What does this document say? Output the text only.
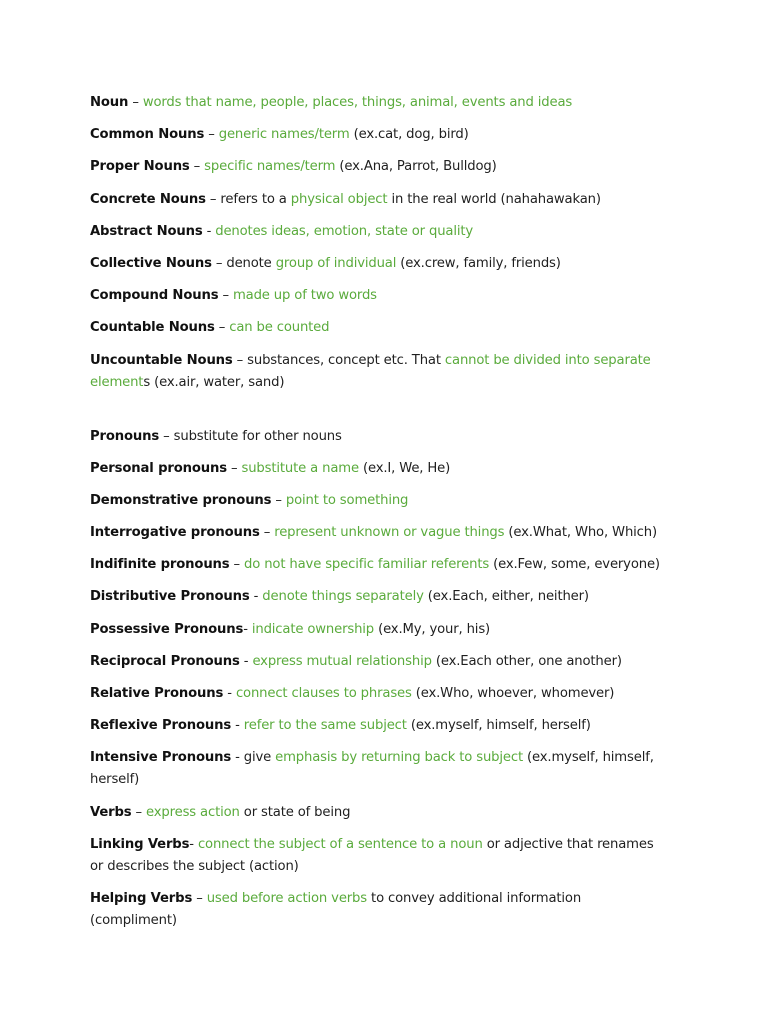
Noun – words that name, people, places, things, animal, events and ideas

Common Nouns – generic names/term (ex.cat, dog, bird)

Proper Nouns – specific names/term (ex.Ana, Parrot, Bulldog)

Concrete Nouns – refers to a physical object in the real world (nahahawakan)

Abstract Nouns - denotes ideas, emotion, state or quality

Collective Nouns – denote group of individual (ex.crew, family, friends)

Compound Nouns – made up of two words

Countable Nouns – can be counted

Uncountable Nouns – substances, concept etc. That cannot be divided into separate elements (ex.air, water, sand)

Pronouns – substitute for other nouns

Personal pronouns – substitute a name (ex.I, We, He)

Demonstrative pronouns – point to something

Interrogative pronouns – represent unknown or vague things (ex.What, Who, Which)

Indifinite pronouns – do not have specific familiar referents (ex.Few, some, everyone)

Distributive Pronouns - denote things separately (ex.Each, either, neither)

Possessive Pronouns- indicate ownership (ex.My, your, his)

Reciprocal Pronouns - express mutual relationship (ex.Each other, one another)

Relative Pronouns - connect clauses to phrases (ex.Who, whoever, whomever)

Reflexive Pronouns - refer to the same subject (ex.myself, himself, herself)

Intensive Pronouns - give emphasis by returning back to subject (ex.myself, himself, herself)

Verbs – express action or state of being

Linking Verbs- connect the subject of a sentence to a noun or adjective that renames or describes the subject (action)

Helping Verbs – used before action verbs to convey additional information (compliment)
